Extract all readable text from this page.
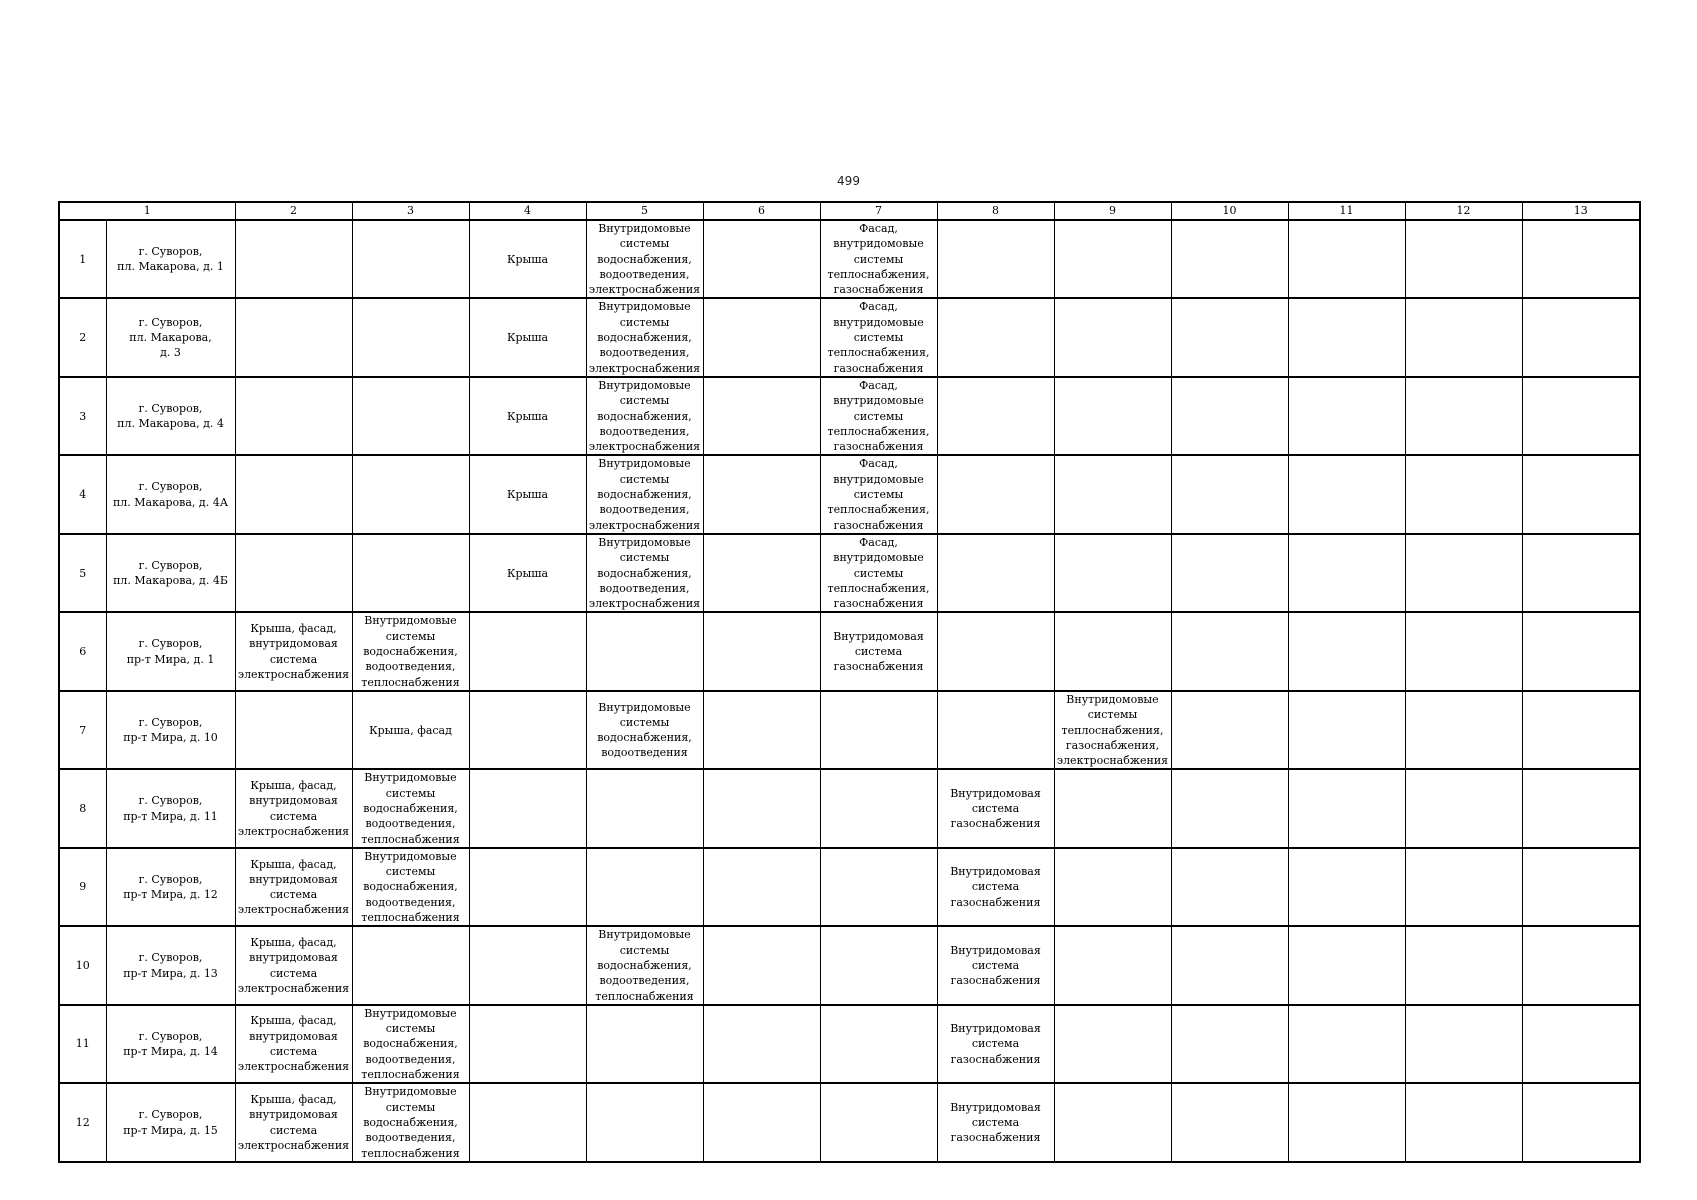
499
1		2	3	4	5	6	7	8	9	10	11	12	13
1	г. Суворов,
пл. Макарова, д. 1			Крыша	Внутридомовые
системы
водоснабжения,
водоотведения,
электроснабжения		Фасад,
внутридомовые
системы
теплоснабжения,
газоснабжения						

2	г. Суворов,
пл. Макарова,
д. 3			Крыша	Внутридомовые
системы
водоснабжения,
водоотведения,
электроснабжения		Фасад,
внутридомовые
системы
теплоснабжения,
газоснабжения						

3	г. Суворов,
пл. Макарова, д. 4			Крыша	Внутридомовые
системы
водоснабжения,
водоотведения,
электроснабжения		Фасад,
внутридомовые
системы
теплоснабжения,
газоснабжения						

4	г. Суворов,
пл. Макарова, д. 4А			Крыша	Внутридомовые
системы
водоснабжения,
водоотведения,
электроснабжения		Фасад,
внутридомовые
системы
теплоснабжения,
газоснабжения						

5	г. Суворов,
пл. Макарова, д. 4Б			Крыша	Внутридомовые
системы
водоснабжения,
водоотведения,
электроснабжения		Фасад,
внутридомовые
системы
теплоснабжения,
газоснабжения						

6	г. Суворов,
пр-т Мира, д. 1	Крыша, фасад,
внутридомовая
система
электроснабжения	Внутридомовые
системы
водоснабжения,
водоотведения,
теплоснабжения				Внутридомовая
система
газоснабжения						

7	г. Суворов,
пр-т Мира, д. 10		Крыша, фасад		Внутридомовые
системы
водоснабжения,
водоотведения				Внутридомовые
системы
теплоснабжения,
газоснабжения,
электроснабжения				

8	г. Суворов,
пр-т Мира, д. 11	Крыша, фасад,
внутридомовая
система
электроснабжения	Внутридомовые
системы
водоснабжения,
водоотведения,
теплоснабжения					Внутридомовая
система
газоснабжения					

9	г. Суворов,
пр-т Мира, д. 12	Крыша, фасад,
внутридомовая
система
электроснабжения	Внутридомовые
системы
водоснабжения,
водоотведения,
теплоснабжения					Внутридомовая
система
газоснабжения					

10	г. Суворов,
пр-т Мира, д. 13	Крыша, фасад,
внутридомовая
система
электроснабжения			Внутридомовые
системы
водоснабжения,
водоотведения,
теплоснабжения			Внутридомовая
система
газоснабжения					

11	г. Суворов,
пр-т Мира, д. 14	Крыша, фасад,
внутридомовая
система
электроснабжения	Внутридомовые
системы
водоснабжения,
водоотведения,
теплоснабжения					Внутридомовая
система
газоснабжения					

12	г. Суворов,
пр-т Мира, д. 15	Крыша, фасад,
внутридомовая
система
электроснабжения	Внутридомовые
системы
водоснабжения,
водоотведения,
теплоснабжения					Внутридомовая
система
газоснабжения					
